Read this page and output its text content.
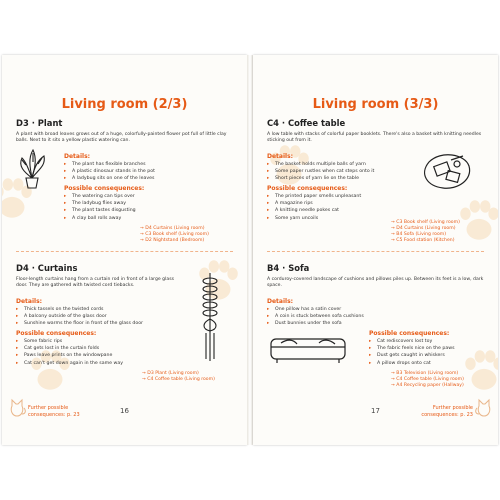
Living room (2/3)
D3 · Plant
A plant with broad leaves grows out of a huge, colorfully-painted flower pot full of little clay balls. Next to it sits a yellow plastic watering can.
Details:
▸ The plant has flexible branches
▸ A plastic dinosaur stands in the pot
▸ A ladybug sits on one of the leaves
Possible consequences:
▸ The watering can tips over
▸ The ladybug flies away
▸ The plant tastes disgusting
▸ A clay ball rolls away
→ D4 Curtains (Living room)
→ C3 Book shelf (Living room)
→ D2 Nightstand (Bedroom)
D4 · Curtains
Floor-length curtains hang from a curtain rod in front of a large glass door. They are gathered with twisted cord tiebacks.
Details:
▸ Thick tassels on the twisted cords
▸ A balcony outside of the glass door
▸ Sunshine warms the floor in front of the glass door
Possible consequences:
▸ Some fabric rips
▸ Cat gets lost in the curtain folds
▸ Paws leave prints on the windowpane
▸ Cat can't get down again in the same way
→ D3 Plant (Living room)
→ C4 Coffee table (Living room)
Further possible consequences: p. 23	16
Living room (3/3)
C4 · Coffee table
A low table with stacks of colorful paper booklets. There's also a basket with knitting needles sticking out from it.
Details:
▸ The basket holds multiple balls of yarn
▸ Some paper rustles when cat steps onto it
▸ Short pieces of yarn lie on the table
Possible consequences:
▸ The printed paper smells unpleasant
▸ A magazine rips
▸ A knitting needle pokes cat
▸ Some yarn uncoils
→ C3 Book shelf (Living room)
→ D4 Curtains (Living room)
→ B4 Sofa (Living room)
→ C5 Food station (Kitchen)
B4 · Sofa
A corduroy-covered landscape of cushions and pillows piles up. Between its feet is a low, dark space.
Details:
▸ One pillow has a satin cover
▸ A coin is stuck between sofa cushions
▸ Dust bunnies under the sofa
Possible consequences:
▸ Cat rediscovers lost toy
▸ The fabric feels nice on the paws
▸ Dust gets caught in whiskers
▸ A pillow drops onto cat
→ B3 Television (Living room)
→ C4 Coffee table (Living room)
→ A4 Recycling paper (Hallway)
17	Further possible consequences: p. 23
